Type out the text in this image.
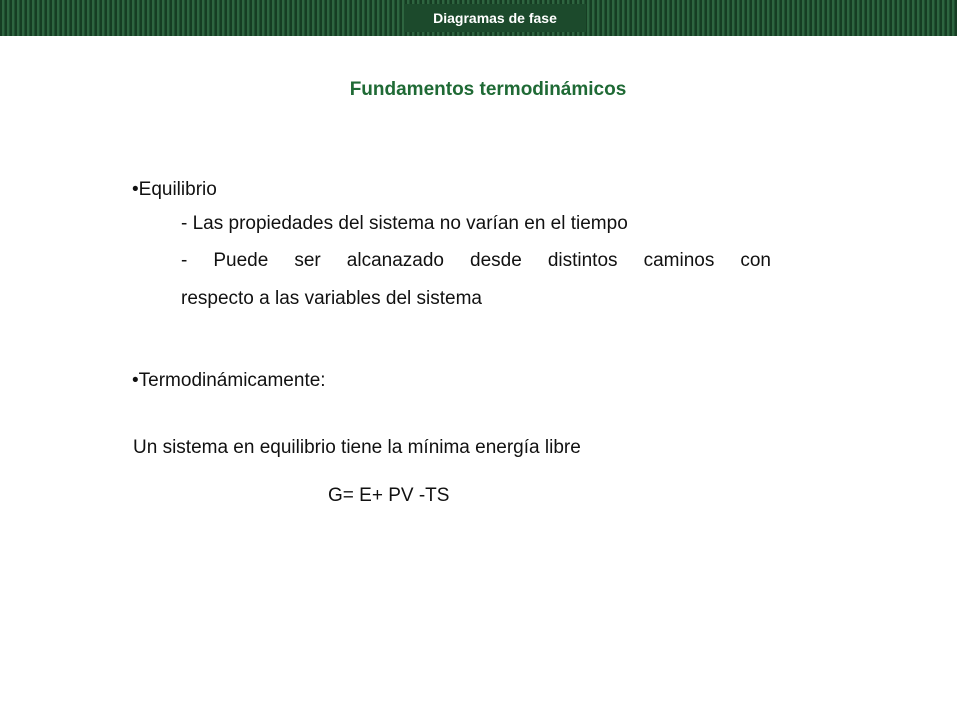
Diagramas de fase
Fundamentos termodinámicos

•Equilibrio

- Las propiedades del sistema no varían en el tiempo

- Puede ser alcanazado desde distintos caminos con

respecto a las variables del sistema

•Termodinámicamente:

Un sistema en equilibrio tiene la mínima energía libre

G= E+ PV -TS
